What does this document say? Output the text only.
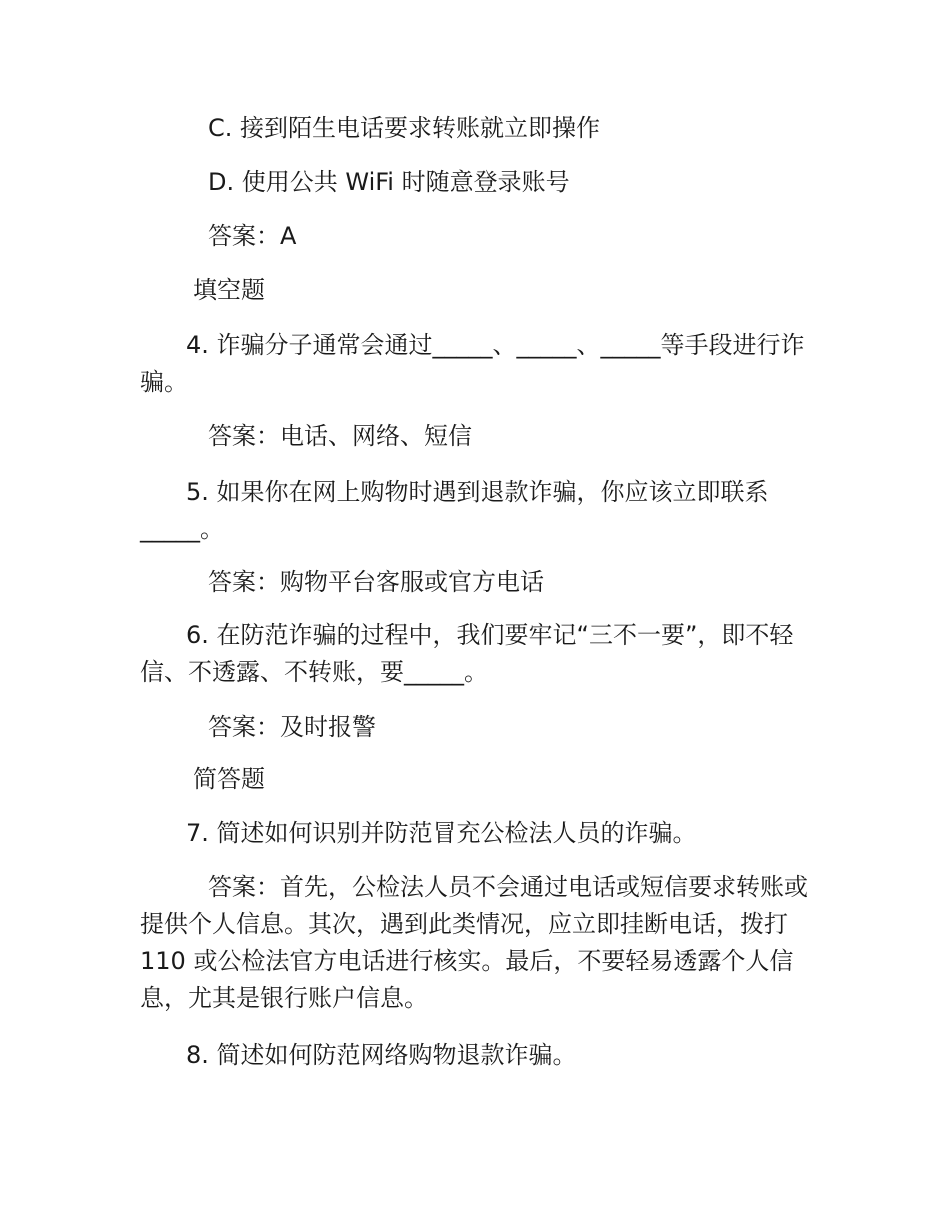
C. 接到陌生电话要求转账就立即操作
D. 使用公共 WiFi 时随意登录账号
答案：A
填空题
4. 诈骗分子通常会通过_____、_____、_____等手段进行诈骗。
答案：电话、网络、短信
5. 如果你在网上购物时遇到退款诈骗，你应该立即联系_____。
答案：购物平台客服或官方电话
6. 在防范诈骗的过程中，我们要牢记“三不一要”，即不轻信、不透露、不转账，要_____。
答案：及时报警
简答题
7. 简述如何识别并防范冒充公检法人员的诈骗。
答案：首先，公检法人员不会通过电话或短信要求转账或提供个人信息。其次，遇到此类情况，应立即挂断电话，拨打 110 或公检法官方电话进行核实。最后，不要轻易透露个人信息，尤其是银行账户信息。
8. 简述如何防范网络购物退款诈骗。
